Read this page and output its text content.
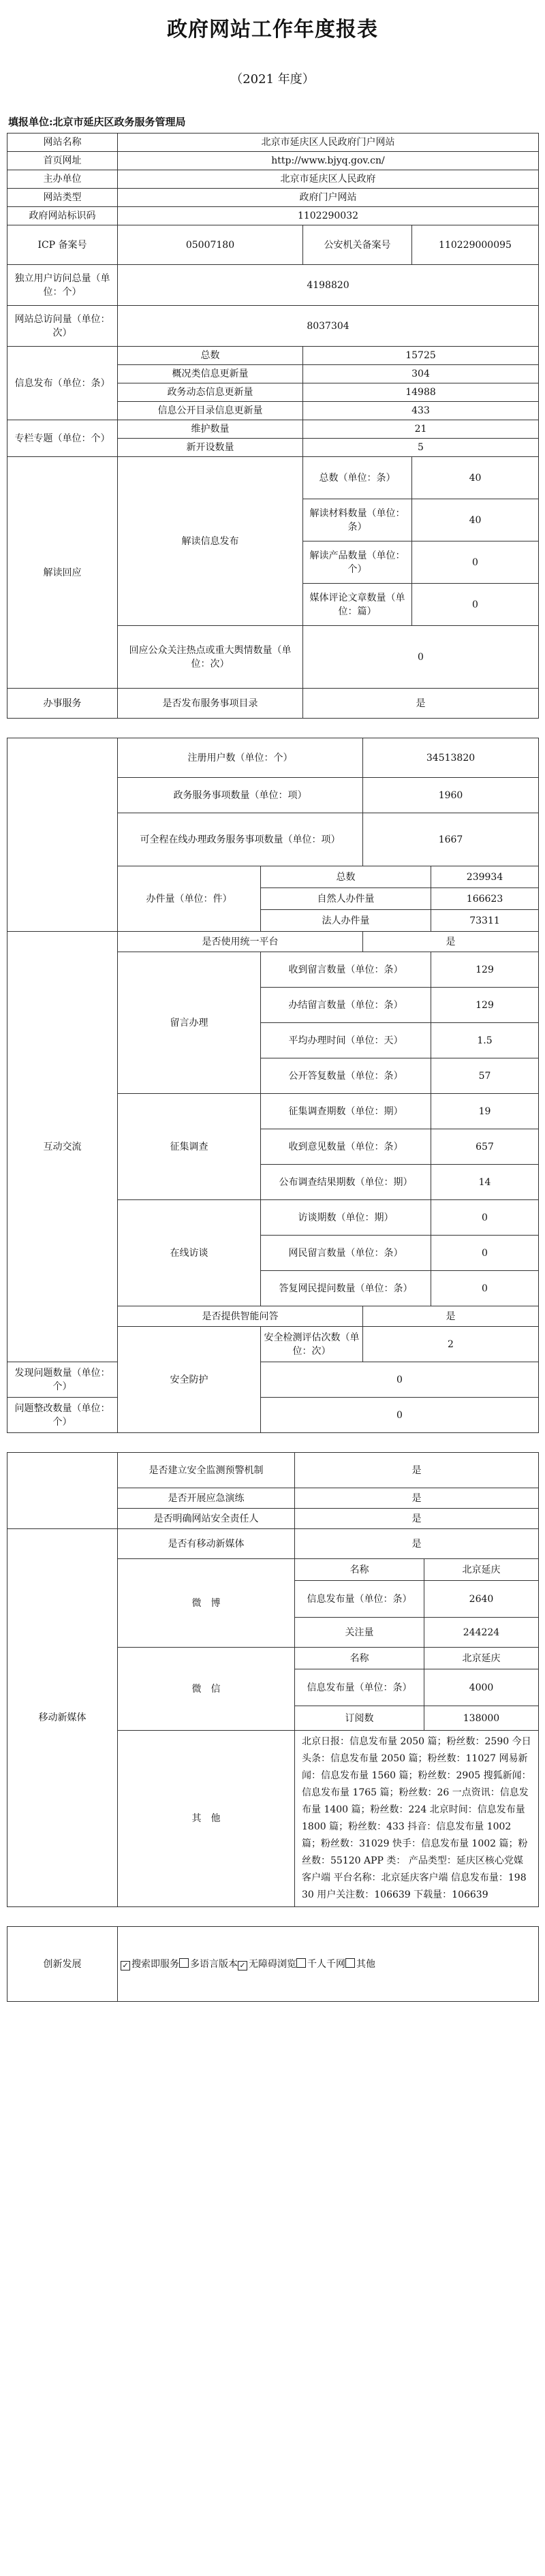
政府网站工作年度报表
（2021 年度）
填报单位:北京市延庆区政务服务管理局
网站名称	北京市延庆区人民政府门户网站		
首页网址	http://www.bjyq.gov.cn/		
主办单位	北京市延庆区人民政府		
网站类型	政府门户网站		
政府网站标识码	1102290032		
ICP 备案号	05007180	公安机关备案号	110229000095
独立用户访问总量（单位：个）	4198820		
网站总访问量（单位：次）	8037304		
信息发布（单位：条）	总数	15725	
	概况类信息更新量	304	
	政务动态信息更新量	14988	
	信息公开目录信息更新量	433	
专栏专题（单位：个）	维护数量	21	
	新开设数量	5	
解读回应	解读信息发布	总数（单位：条）	40
		解读材料数量（单位：条）	40
		解读产品数量（单位：个）	0
		媒体评论文章数量（单位：篇）	0
	回应公众关注热点或重大舆情数量（单位：次）	0	
办事服务	是否发布服务事项目录	是	
	注册用户数（单位：个）		34513820	
	政务服务事项数量（单位：项）		1960	
	可全程在线办理政务服务事项数量（单位：项）		1667	
	办件量（单位：件）	总数		239934
		自然人办件量		166623
		法人办件量		73311
互动交流	是否使用统一平台		是	
	留言办理	收到留言数量（单位：条）		129
		办结留言数量（单位：条）		129
		平均办理时间（单位：天）		1.5
		公开答复数量（单位：条）		57
	征集调查	征集调查期数（单位：期）		19
		收到意见数量（单位：条）		657
		公布调查结果期数（单位：期）		14
	在线访谈	访谈期数（单位：期）		0
		网民留言数量（单位：条）		0
		答复网民提问数量（单位：条）		0
	是否提供智能问答		是	
	安全防护	安全检测评估次数（单位：次）	2	
发现问题数量（单位：个）		0		
问题整改数量（单位：个）		0		
	是否建立安全监测预警机制	是	
	是否开展应急演练	是	
	是否明确网站安全责任人	是	
移动新媒体	是否有移动新媒体	是	
	微　博	名称	北京延庆
		信息发布量（单位：条）	2640
		关注量	244224
	微　信	名称	北京延庆
		信息发布量（单位：条）	4000
		订阅数	138000
	其　他	北京日报：信息发布量 2050 篇；粉丝数：2590 今日头条：信息发布量 2050 篇；粉丝数：11027 网易新闻：信息发布量 1560 篇；粉丝数：2905 搜狐新闻：信息发布量 1765 篇；粉丝数：26 一点资讯：信息发布量 1400 篇；粉丝数：224 北京时间：信息发布量 1800 篇；粉丝数：433 抖音：信息发布量 1002 篇；粉丝数：31029 快手：信息发布量 1002 篇；粉丝数：55120 APP 类： 产品类型：延庆区核心党媒客户端 平台名称：北京延庆客户端 信息发布量：19830 用户关注数：106639 下载量：106639	
创新发展	✓ 搜索即服务 多语言版本 ✓ 无障碍浏览 千人千网 其他
